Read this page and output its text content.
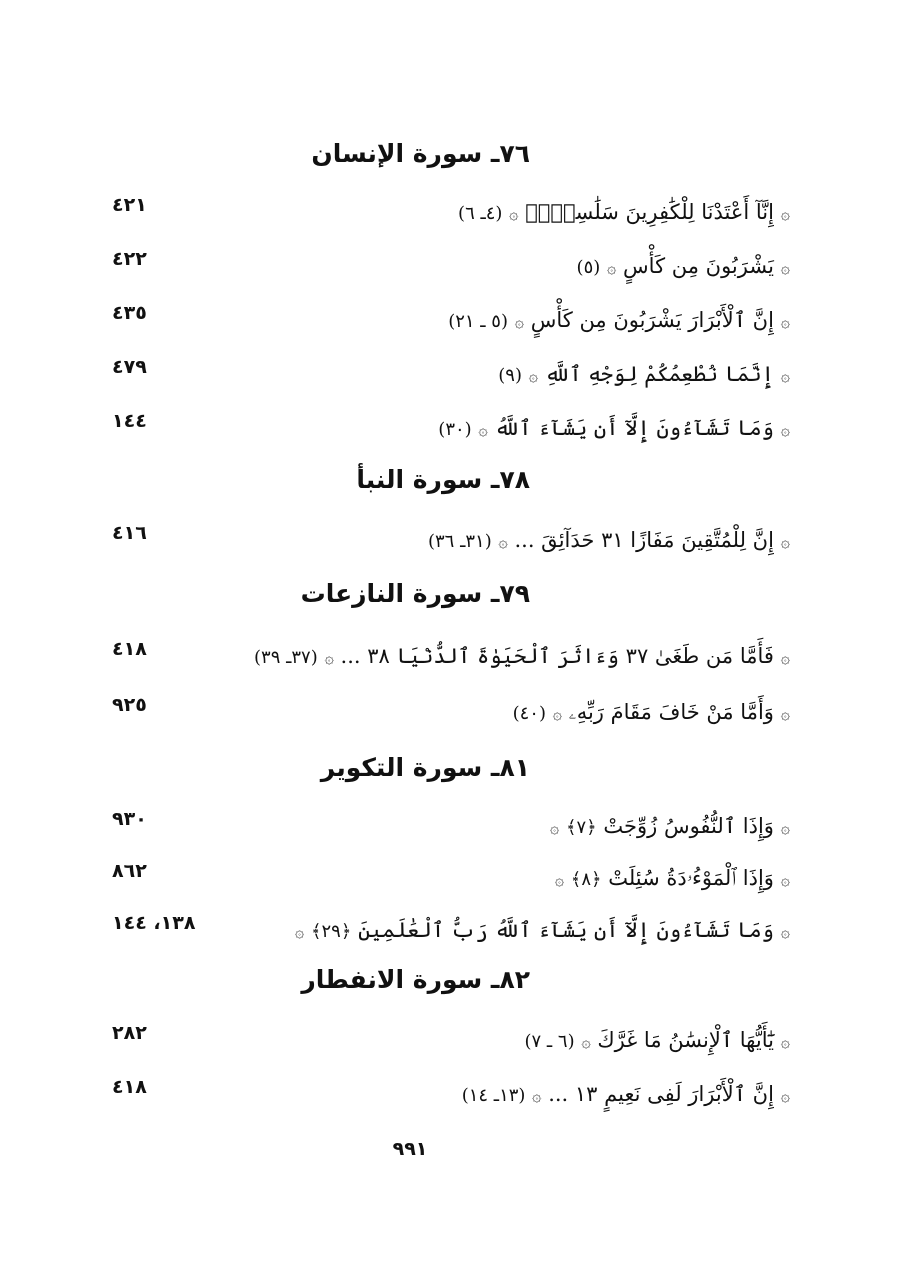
٧٦ـ سورة الإنسان
۞ إِنَّآ أَعْتَدْنَا لِلْكَٰفِرِينَ سَلَٰسِلَا۟ ۞ (٤ـ ٦)
٤٢١
۞ يَشْرَبُونَ مِن كَأْسٍ ۞ (٥)
٤٢٢
۞ إِنَّ ٱلْأَبْرَارَ يَشْرَبُونَ مِن كَأْسٍ ۞ (٥ ـ ٢١)
٤٣٥
۞ إِنَّمَا نُطْعِمُكُمْ لِوَجْهِ ٱللَّهِ ۞ (٩)
٤٧٩
۞ وَمَا تَشَآءُونَ إِلَّآ أَن يَشَآءَ ٱللَّهُ ۞ (٣٠)
١٤٤
٧٨ـ سورة النبأ
۞ إِنَّ لِلْمُتَّقِينَ مَفَازًا ٣١ حَدَآئِقَ ... ۞ (٣١ـ ٣٦)
٤١٦
٧٩ـ سورة النازعات
۞ فَأَمَّا مَن طَغَىٰ ٣٧ وَءَاثَرَ ٱلْحَيَوٰةَ ٱلدُّنْيَا ٣٨ ... ۞ (٣٧ـ ٣٩)
٤١٨
۞ وَأَمَّا مَنْ خَافَ مَقَامَ رَبِّهِۦ ۞ (٤٠)
٩٢٥
٨١ـ سورة التكوير
۞ وَإِذَا ٱلنُّفُوسُ زُوِّجَتْ ﴿٧﴾ ۞
٩٣٠
۞ وَإِذَا ٱلْمَوْءُۥدَةُ سُئِلَتْ ﴿٨﴾ ۞
٨٦٢
۞ وَمَا تَشَآءُونَ إِلَّآ أَن يَشَآءَ ٱللَّهُ رَبُّ ٱلْعَٰلَمِينَ ﴿٢٩﴾ ۞
١٣٨، ١٤٤
٨٢ـ سورة الانفطار
۞ يَٰٓأَيُّهَا ٱلْإِنسَٰنُ مَا غَرَّكَ ۞ (٦ ـ ٧)
٢٨٢
۞ إِنَّ ٱلْأَبْرَارَ لَفِى نَعِيمٍ ١٣ ... ۞ (١٣ـ ١٤)
٤١٨
٩٩١
